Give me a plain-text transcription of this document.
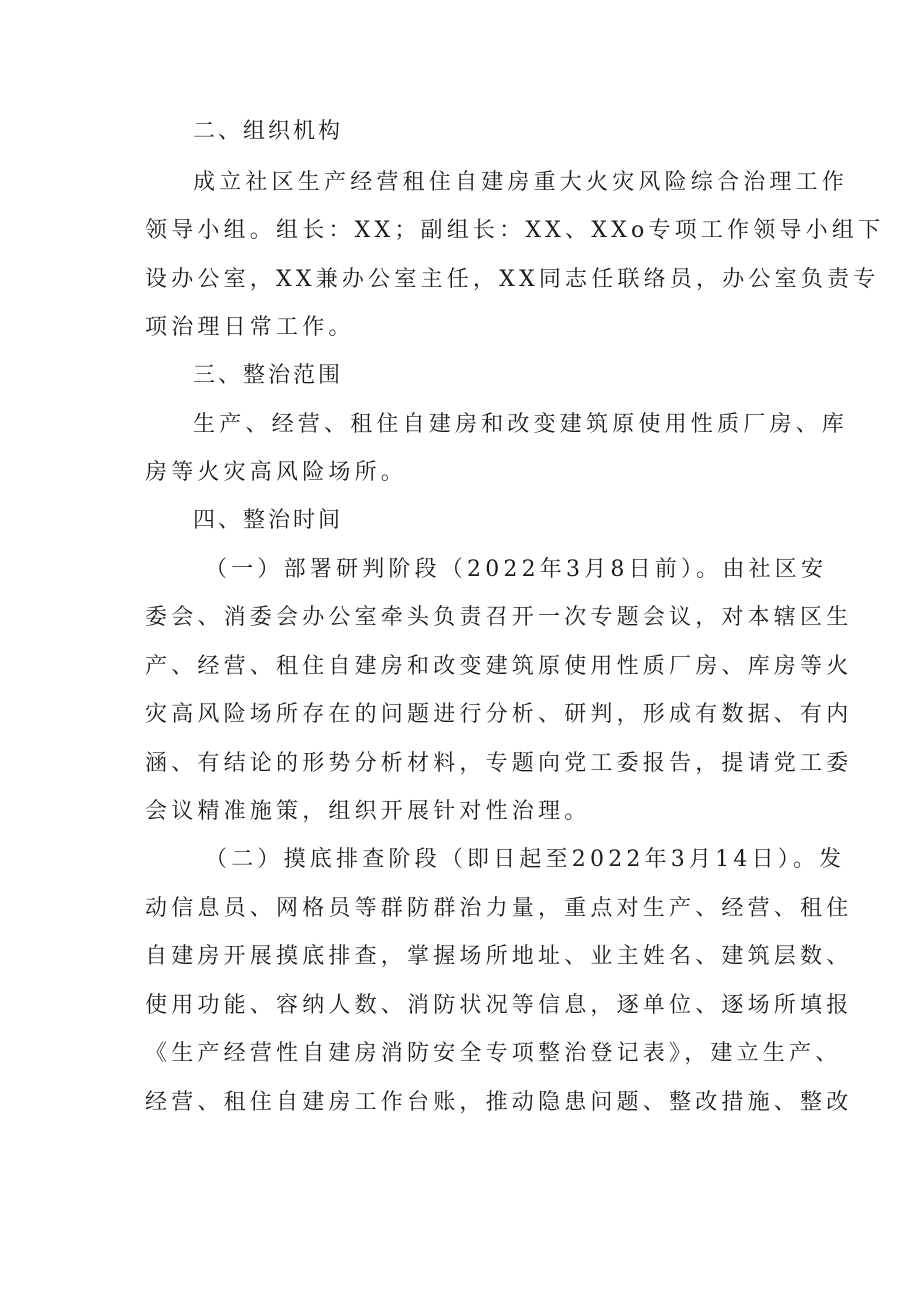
二、组织机构
成立社区生产经营租住自建房重大火灾风险综合治理工作
领导小组。组长：XX；副组长：XX、XXo专项工作领导小组下
设办公室，XX兼办公室主任，XX同志任联络员，办公室负责专
项治理日常工作。
三、整治范围
生产、经营、租住自建房和改变建筑原使用性质厂房、库
房等火灾高风险场所。
四、整治时间
（一）部署研判阶段（2022年3月8日前）。由社区安
委会、消委会办公室牵头负责召开一次专题会议，对本辖区生
产、经营、租住自建房和改变建筑原使用性质厂房、库房等火
灾高风险场所存在的问题进行分析、研判，形成有数据、有内
涵、有结论的形势分析材料，专题向党工委报告，提请党工委
会议精准施策，组织开展针对性治理。
（二）摸底排查阶段（即日起至2022年3月14日）。发
动信息员、网格员等群防群治力量，重点对生产、经营、租住
自建房开展摸底排查，掌握场所地址、业主姓名、建筑层数、
使用功能、容纳人数、消防状况等信息，逐单位、逐场所填报
《生产经营性自建房消防安全专项整治登记表》，建立生产、
经营、租住自建房工作台账，推动隐患问题、整改措施、整改
